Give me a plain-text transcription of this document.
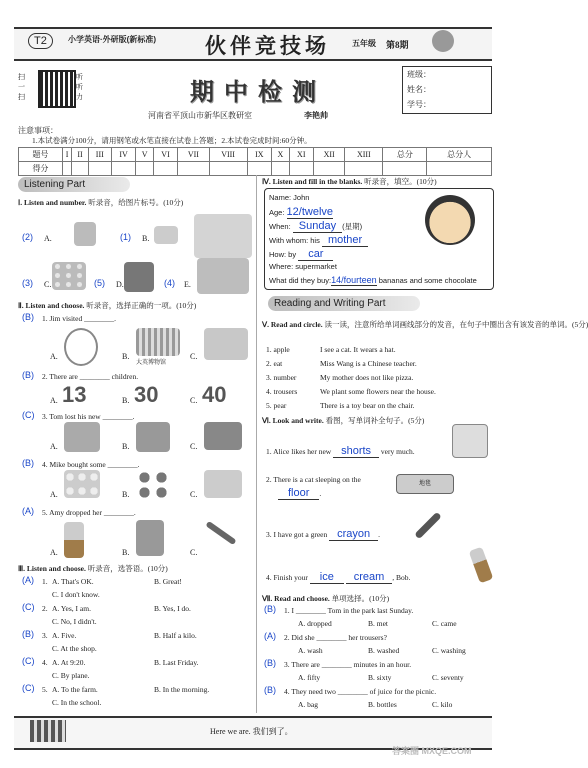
T2	小学英语·外研版(新标准) 伙伴竞技场	五年级 第8期
扫一扫
听听力	期中检测
河南省平顶山市新华区教研室	李艳帅
注意事项：
1.本试卷满分100分，请用钢笔或水笔直接在试卷上答题；2.本试卷完成时间:60分钟。
班级：
姓名：
学号：
题号	I	II	III	IV	V	VI	VII	VIII	IX	X	XI	XII	XIII	总分	总分人
得分															
Listening Part
Ⅰ. Listen and number. 听录音，给图片标号。(10分)
(2) A.	(1) B.
(3) C.	(5) D.	(4) E.
Ⅱ. Listen and choose. 听录音，选择正确的一项。(10分)
(B) 1. Jim visited ________.
A.	B.
大英博物馆
C.
(B) 2. There are ________ children.
A. 13	B. 30	C. 40
(C) 3. Tom lost his new ________.
A.	B.	C.
(B) 4. Mike bought some ________.
A.	B.	C.
(A) 5. Amy dropped her ________.
A.	B.	C.
Ⅲ. Listen and choose. 听录音，选答语。(10分)
(A) 1. A. That's OK.	B. Great!
C. I don't know.
(C) 2. A. Yes, I am.	B. Yes, I do.
C. No, I didn't.
(B) 3. A. Five.	B. Half a kilo.
C. At the shop.
(C) 4. A. At 9:20.	B. Last Friday.
C. By plane.
(C) 5. A. To the farm.	B. In the morning.
C. In the school.
Ⅳ. Listen and fill in the blanks. 听录音，填空。(10分)
Name: John
Age: 12/twelve
When: Sunday (星期)
With whom: his mother
How: by car
Where: supermarket
What did they buy:14/fourteen bananas and some chocolate
Reading and Writing Part
Ⅴ. Read and circle. 读一读，注意所给单词画线部分的发音，在句子中圈出含有该发音的单词。(5分)
1. apple	I see a cat. It wears a hat.
2. eat	Miss Wang is a Chinese teacher.
3. number	My mother does not like pizza.
4. trousers	We plant some flowers near the house.
5. pear	There is a toy bear on the chair.
Ⅵ. Look and write. 看图，写单词补全句子。(5分)
1. Alice likes her new shorts very much.
2. There is a cat sleeping on the
floor .
地毯
3. I have got a green crayon .
4. Finish your ice cream , Bob.
Ⅶ. Read and choose. 单项选择。(10分)
(B) 1. I ________ Tom in the park last Sunday.
A. dropped	B. met	C. came
(A) 2. Did she ________ her trousers?
A. wash	B. washed	C. washing
(B) 3. There are ________ minutes in an hour.
A. fifty	B. sixty	C. seventy
(B) 4. They need two ________ of juice for the picnic.
A. bag	B. bottles	C. kilo
Here we are. 我们到了。
答案圈 MXQE.COM
